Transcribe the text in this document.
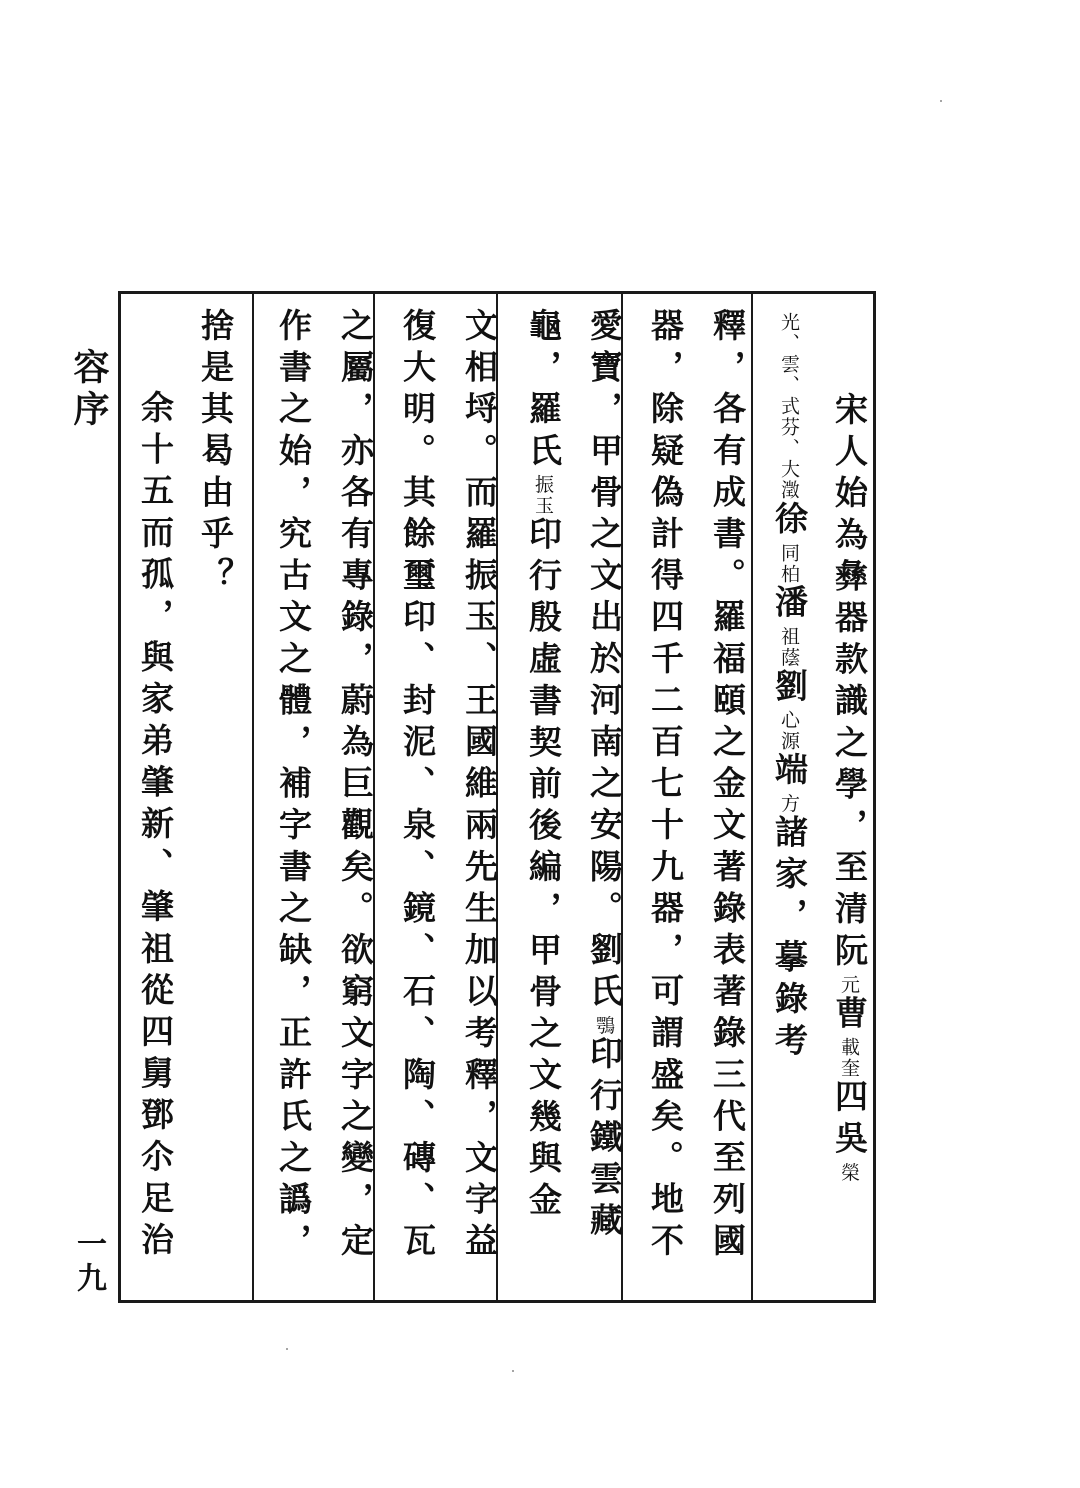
容序
一九
宋人始為彝器款識之學，至清阮元曹載奎四吳榮
光、雲、式芬、大澂徐同柏潘祖蔭劉心源端方諸家，摹錄考
釋，各有成書。羅福頤之金文著錄表著錄三代至列國
器，除疑偽計得四千二百七十九器，可謂盛矣。地不
愛寶，甲骨之文出於河南之安陽。劉氏鶚印行鐵雲藏
龜，羅氏振玉印行殷虛書契前後編，甲骨之文幾與金
文相埒。而羅振玉、王國維兩先生加以考釋，文字益
復大明。其餘璽印、封泥、泉、鏡、石、陶、磚、瓦
之屬，亦各有專錄，蔚為巨觀矣。欲窮文字之變，定
作書之始，究古文之體，補字書之缺，正許氏之譌，
捨是其曷由乎？
余十五而孤，與家弟肇新、肇祖從四舅鄧尒足治
